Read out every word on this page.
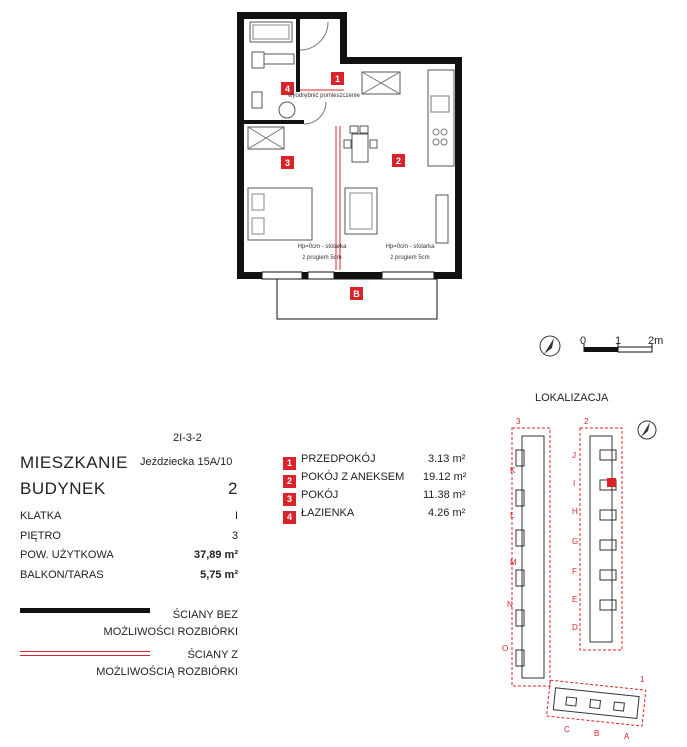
1
2
3
4
B
wyodrębnić pomieszczenie
Hp=0cm - stolarka
z progiem 5cm
Hp=0cm - stolarka
z progiem 5cm
0	1 2m
2I-3-2
Jeździecka 15A/10
MIESZKANIE
BUDYNEK	2
KLATKA	I
PIĘTRO	3
POW. UŻYTKOWA	37,89 m²
BALKON/TARAS	5,75 m²
ŚCIANY BEZ
MOŻLIWOŚCI ROZBIÓRKI
ŚCIANY Z
MOŻLIWOŚCIĄ ROZBIÓRKI
1 PRZEDPOKÓJ	3.13 m²
2 POKÓJ Z ANEKSEM 19.12 m²
3 POKÓJ	11.38 m²
4 ŁAZIENKA	4.26 m²
LOKALIZACJA
3	2
1
K
L
M
N
O
J
I
H
G
F
E
D
C	B	A
